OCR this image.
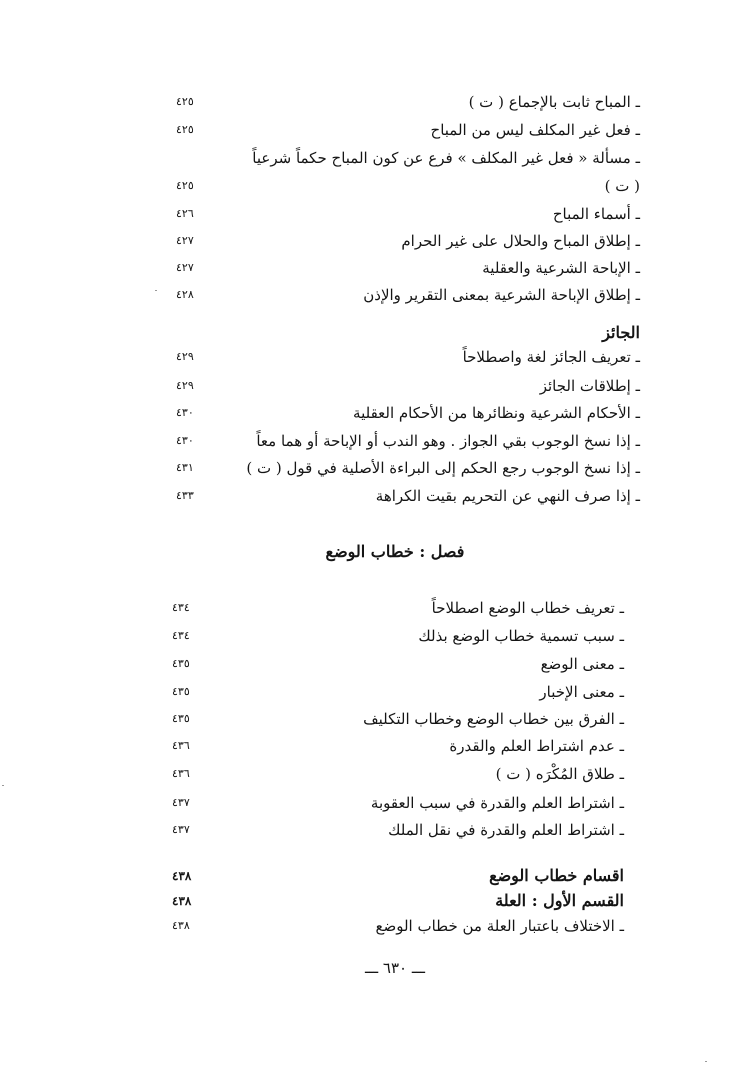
ـ المباح ثابت بالإجماع ( ت )
٤٢٥
ـ فعل غير المكلف ليس من المباح
٤٢٥
ـ مسألة « فعل غير المكلف » فرع عن كون المباح حكماً شرعياً
( ت )
٤٢٥
ـ أسماء المباح
٤٢٦
ـ إطلاق المباح والحلال على غير الحرام
٤٢٧
ـ الإباحة الشرعية والعقلية
٤٢٧
ـ إطلاق الإباحة الشرعية بمعنى التقرير والإذن
٤٢٨
الجائز
ـ تعريف الجائز لغة واصطلاحاً
٤٢٩
ـ إطلاقات الجائز
٤٢٩
ـ الأحكام الشرعية ونظائرها من الأحكام العقلية
٤٣٠
ـ إذا نسخ الوجوب بقي الجواز . وهو الندب أو الإباحة أو هما معاً
٤٣٠
ـ إذا نسخ الوجوب رجع الحكم إلى البراءة الأصلية في قول ( ت )
٤٣١
ـ إذا صرف النهي عن التحريم بقيت الكراهة
٤٣٣
فصل : خطاب الوضع
ـ تعريف خطاب الوضع اصطلاحاً
٤٣٤
ـ سبب تسمية خطاب الوضع بذلك
٤٣٤
ـ معنى الوضع
٤٣٥
ـ معنى الإخبار
٤٣٥
ـ الفرق بين خطاب الوضع وخطاب التكليف
٤٣٥
ـ عدم اشتراط العلم والقدرة
٤٣٦
ـ طلاق المُكْرَه ( ت )
٤٣٦
ـ اشتراط العلم والقدرة في سبب العقوبة
٤٣٧
ـ اشتراط العلم والقدرة في نقل الملك
٤٣٧
اقسام خطاب الوضع
٤٣٨
القسم الأول : العلة
٤٣٨
ـ الاختلاف باعتبار العلة من خطاب الوضع
٤٣٨
ـــ ٦٣٠ ـــ
